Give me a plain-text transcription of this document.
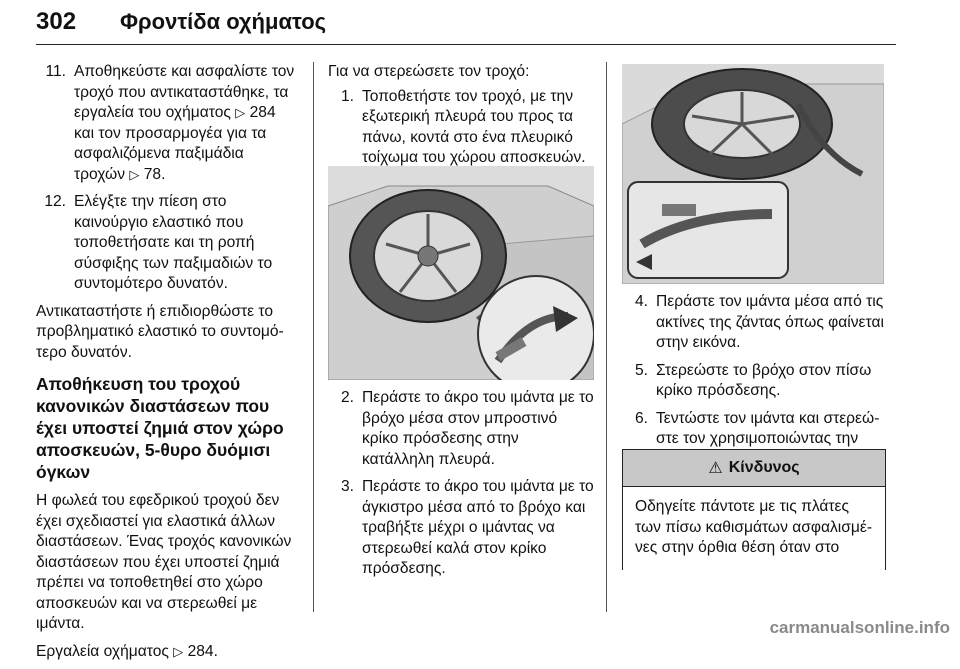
302 Φροντίδα οχήματος
11. Αποθηκεύστε και ασφαλίστε τον τροχό που αντικαταστάθηκε, τα εργαλεία του οχήματος ▷ 284 και τον προσαρμογέα για τα ασφαλιζόμενα παξιμάδια τροχών ▷ 78.
12. Ελέγξτε την πίεση στο καινούργιο ελαστικό που τοποθετήσατε και τη ροπή σύσφιξης των παξιμαδιών το συντομότερο δυνατόν.

Αντικαταστήστε ή επιδιορθώστε το προβληματικό ελαστικό το συντομότερο δυνατόν.

Αποθήκευση του τροχού κανονικών διαστάσεων που έχει υποστεί ζημιά στον χώρο αποσκευών, 5-θυρο δυόμισι όγκων

Η φωλεά του εφεδρικού τροχού δεν έχει σχεδιαστεί για ελαστικά άλλων διαστάσεων. Ένας τροχός κανονικών διαστάσεων που έχει υποστεί ζημιά πρέπει να τοποθετηθεί στο χώρο αποσκευών και να στερεωθεί με ιμάντα.

Εργαλεία οχήματος ▷ 284.

Για να στερεώσετε τον τροχό:

1. Τοποθετήστε τον τροχό, με την εξωτερική πλευρά του προς τα πάνω, κοντά στο ένα πλευρικό τοίχωμα του χώρου αποσκευών.
2. Περάστε το άκρο του ιμάντα με το βρόχο μέσα στον μπροστινό κρίκο πρόσδεσης στην κατάλληλη πλευρά.
3. Περάστε το άκρο του ιμάντα με το άγκιστρο μέσα από το βρόχο και τραβήξτε μέχρι ο ιμάντας να στερεωθεί καλά στον κρίκο πρόσδεσης.
4. Περάστε τον ιμάντα μέσα από τις ακτίνες της ζάντας όπως φαίνεται στην εικόνα.
5. Στερεώστε το βρόχο στον πίσω κρίκο πρόσδεσης.
6. Τεντώστε τον ιμάντα και στερεώστε τον χρησιμοποιώντας την
⚠ Κίνδυνος
Οδηγείτε πάντοτε με τις πλάτες των πίσω καθισμάτων ασφαλισμένες στην όρθια θέση όταν στο
carmanualsonline.info
